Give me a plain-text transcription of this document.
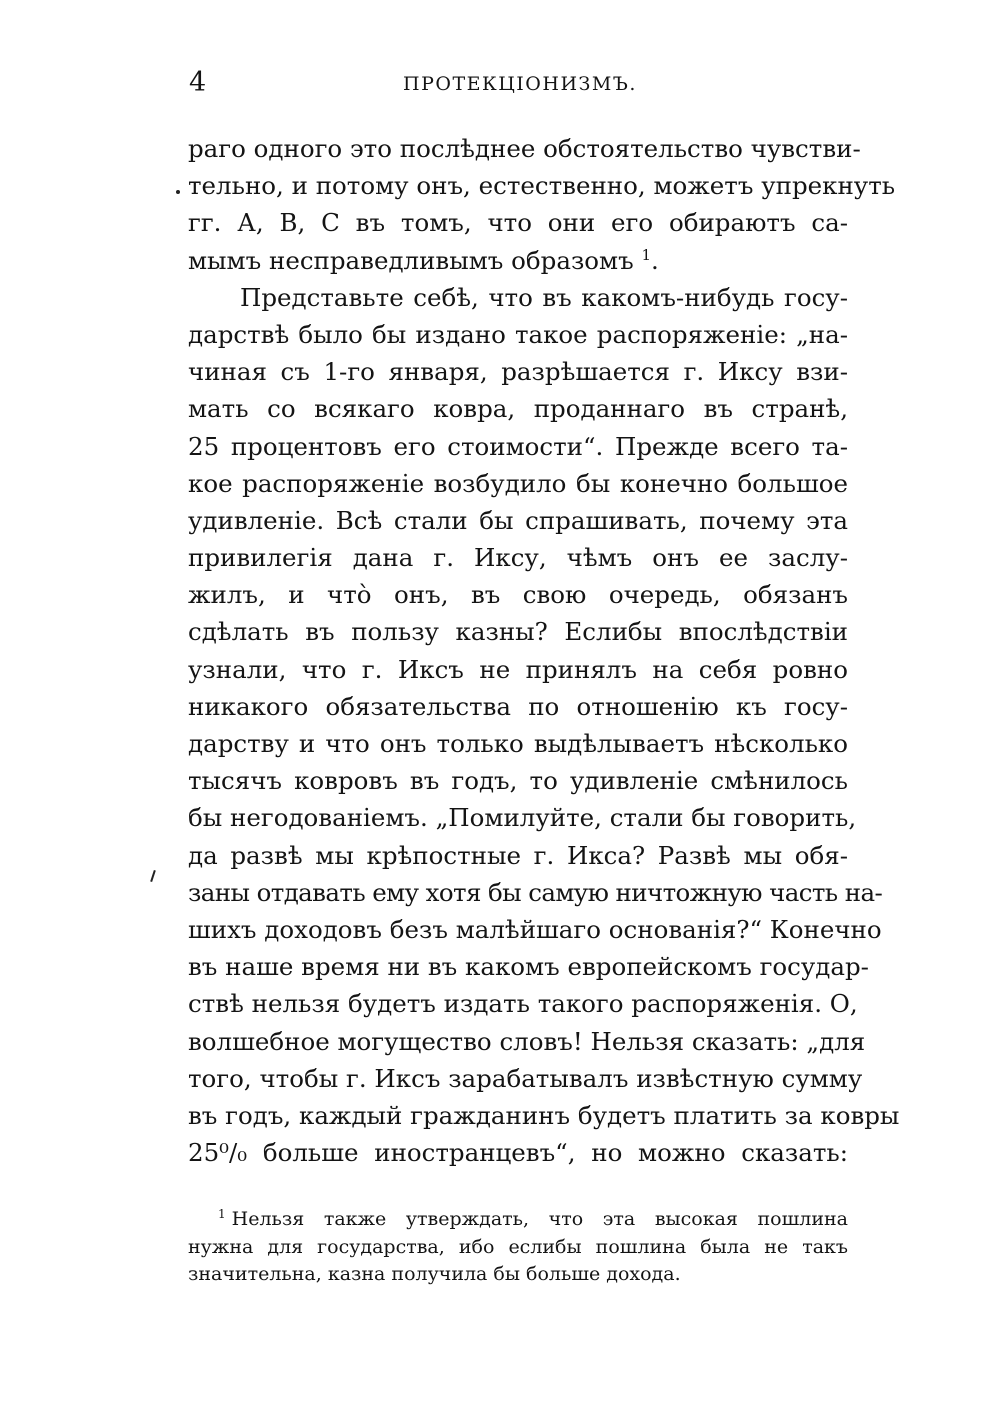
4	ПРОТЕКЦIОНИЗМЪ.
раго одного это послѣднее обстоятельство чувстви-
тельно, и потому онъ, естественно, можетъ упрекнуть
гг. А, В, С въ томъ, что они его обираютъ са-
мымъ несправедливымъ образомъ $^1$.
Представьте себѣ, что въ какомъ-нибудь госу-
дарствѣ было бы издано такое распоряженiе: „на-
чиная съ 1-го января, разрѣшается г. Иксу взи-
мать со всякаго ковра, проданнаго въ странѣ,
25 процентовъ его стоимости“. Прежде всего та-
кое распоряженiе возбудило бы конечно большое
удивленiе. Всѣ стали бы спрашивать, почему эта
привилегiя дана г. Иксу, чѣмъ онъ ее заслу-
жилъ, и что̀ онъ, въ свою очередь, обязанъ
сдѣлать въ пользу казны? Еслибы впослѣдствiи
узнали, что г. Иксъ не принялъ на себя ровно
никакого обязательства по отношенiю къ госу-
дарству и что онъ только выдѣлываетъ нѣсколько
тысячъ ковровъ въ годъ, то удивленiе смѣнилось
бы негодованiемъ. „Помилуйте, стали бы говорить,
да развѣ мы крѣпостные г. Икса? Развѣ мы обя-
заны отдавать ему хотя бы самую ничтожную часть на-
шихъ доходовъ безъ малѣйшаго основанiя?“ Конечно
въ наше время ни въ какомъ европейскомъ государ-
ствѣ нельзя будетъ издать такого распоряженiя. О,
волшебное могущество словъ! Нельзя сказать: „для
того, чтобы г. Иксъ зарабатывалъ извѣстную сумму
въ годъ, каждый гражданинъ будетъ платить за ковры
25⁰/₀ больше иностранцевъ“, но можно сказать:
$^1$ Нельзя также утверждать, что эта высокая пошлина
нужна для государства, ибо еслибы пошлина была не такъ
значительна, казна получила бы больше дохода.
